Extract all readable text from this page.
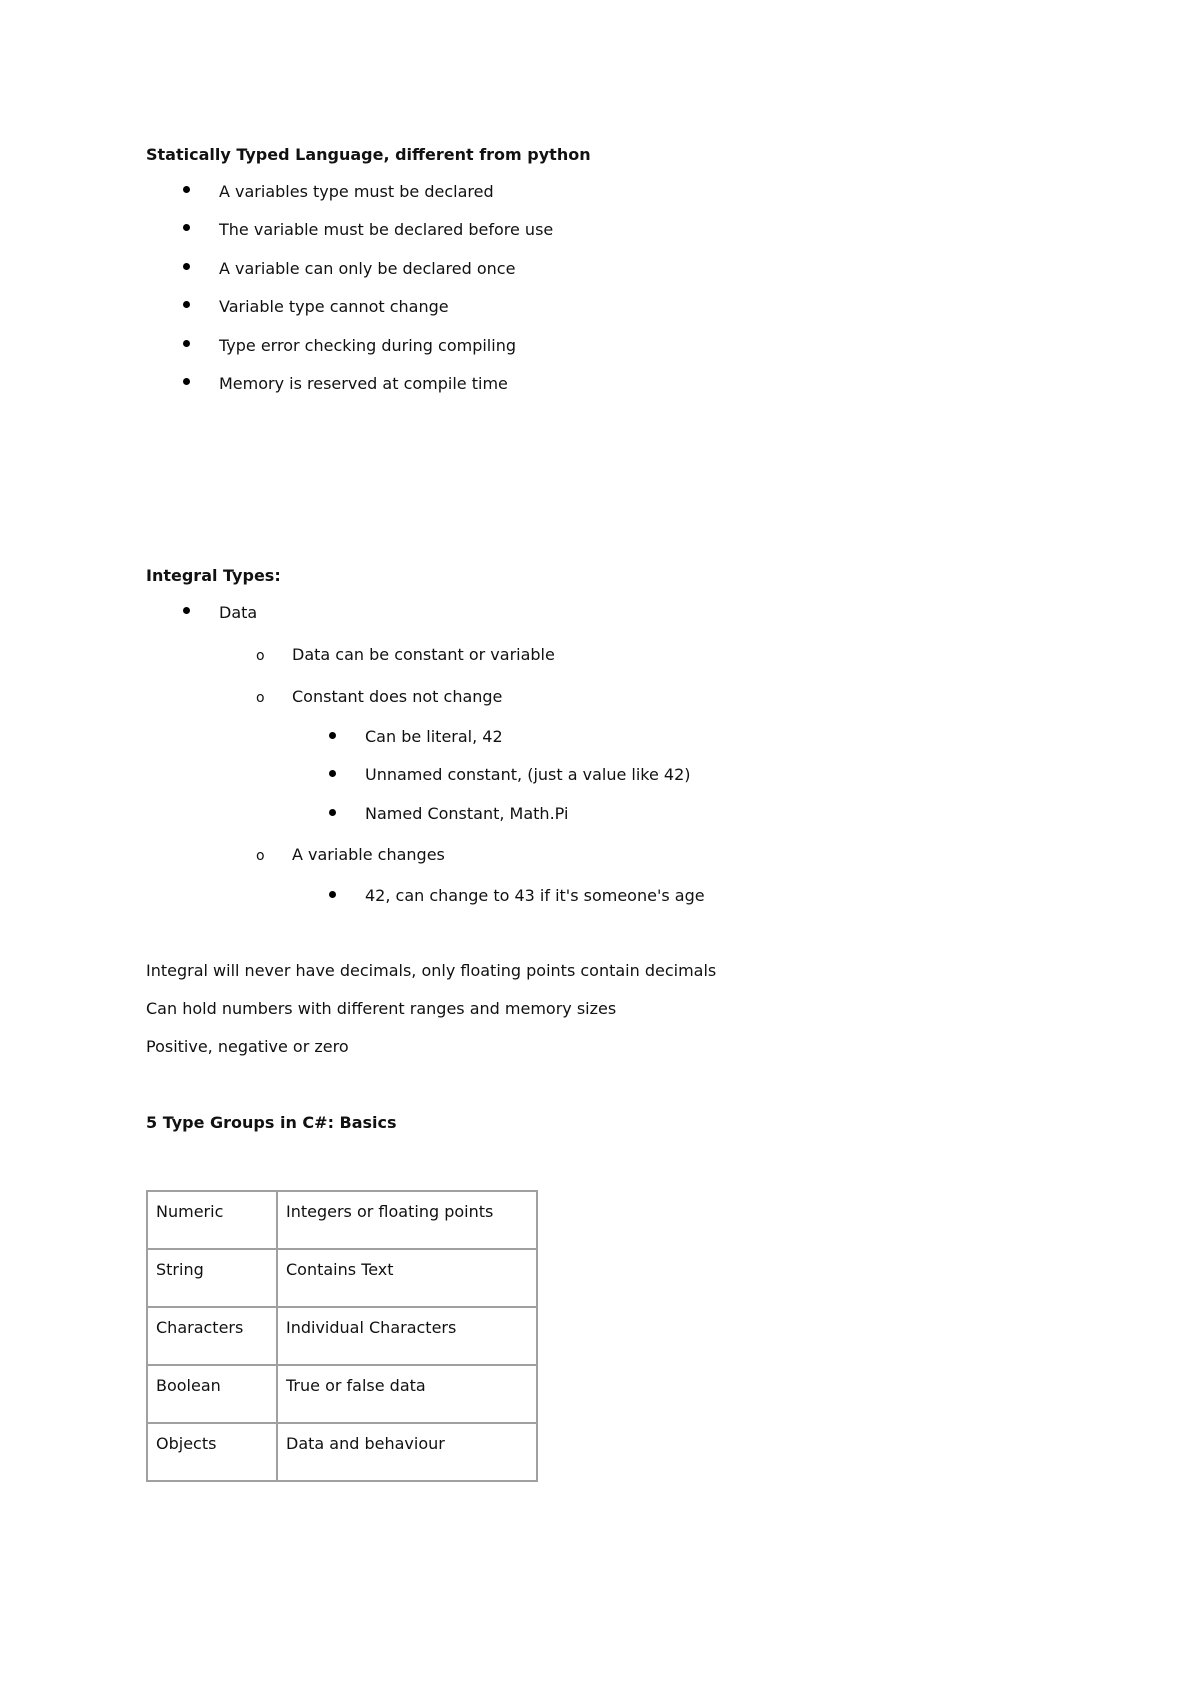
Statically Typed Language, different from python
A variables type must be declared
The variable must be declared before use
A variable can only be declared once
Variable type cannot change
Type error checking during compiling
Memory is reserved at compile time
Integral Types:
Data
o Data can be constant or variable
o Constant does not change
Can be literal, 42
Unnamed constant, (just a value like 42)
Named Constant, Math.Pi
o A variable changes
42, can change to 43 if it's someone's age
Integral will never have decimals, only floating points contain decimals
Can hold numbers with different ranges and memory sizes
Positive, negative or zero
5 Type Groups in C#: Basics
Numeric	Integers or floating points
String	Contains Text
Characters	Individual Characters
Boolean	True or false data
Objects	Data and behaviour
